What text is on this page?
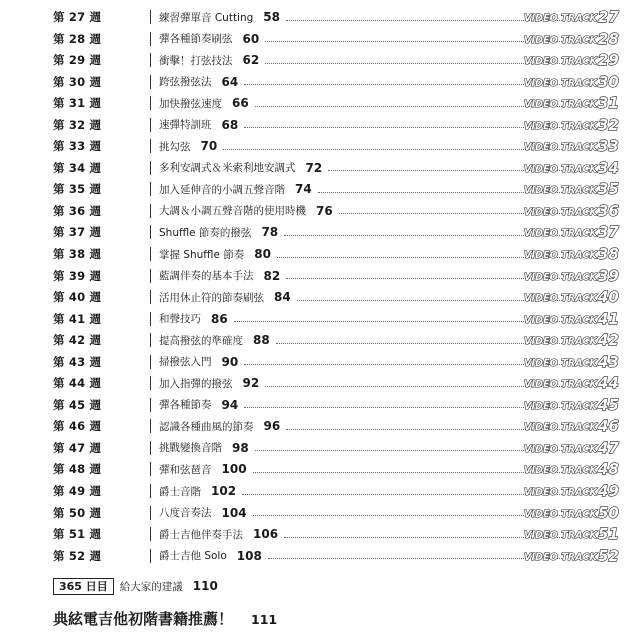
第 27 週	練習彈單音 Cutting 58	VIDEO TRACK 27
第 28 週	彈各種節奏刷弦 60	VIDEO TRACK 28
第 29 週	衝擊！打弦技法 62	VIDEO TRACK 29
第 30 週	跨弦撥弦法 64	VIDEO TRACK 30
第 31 週	加快撥弦速度 66	VIDEO TRACK 31
第 32 週	速彈特訓班 68	VIDEO TRACK 32
第 33 週	挑勾弦 70	VIDEO TRACK 33
第 34 週	多利安調式＆米索利地安調式 72	VIDEO TRACK 34
第 35 週	加入延伸音的小調五聲音階 74	VIDEO TRACK 35
第 36 週	大調＆小調五聲音階的使用時機 76	VIDEO TRACK 36
第 37 週	Shuffle 節奏的撥弦 78	VIDEO TRACK 37
第 38 週	掌握 Shuffle 節奏 80	VIDEO TRACK 38
第 39 週	藍調伴奏的基本手法 82	VIDEO TRACK 39
第 40 週	活用休止符的節奏刷弦 84	VIDEO TRACK 40
第 41 週	和聲技巧 86	VIDEO TRACK 41
第 42 週	提高撥弦的準確度 88	VIDEO TRACK 42
第 43 週	掃撥弦入門 90	VIDEO TRACK 43
第 44 週	加入指彈的撥弦 92	VIDEO TRACK 44
第 45 週	彈各種節奏 94	VIDEO TRACK 45
第 46 週	認識各種曲風的節奏 96	VIDEO TRACK 46
第 47 週	挑戰變換音階 98	VIDEO TRACK 47
第 48 週	彈和弦琶音 100	VIDEO TRACK 48
第 49 週	爵士音階 102	VIDEO TRACK 49
第 50 週	八度音奏法 104	VIDEO TRACK 50
第 51 週	爵士吉他伴奏手法 106	VIDEO TRACK 51
第 52 週	爵士吉他 Solo 108	VIDEO TRACK 52
365 日目	給大家的建議 110
典絃電吉他初階書籍推薦！ 111
